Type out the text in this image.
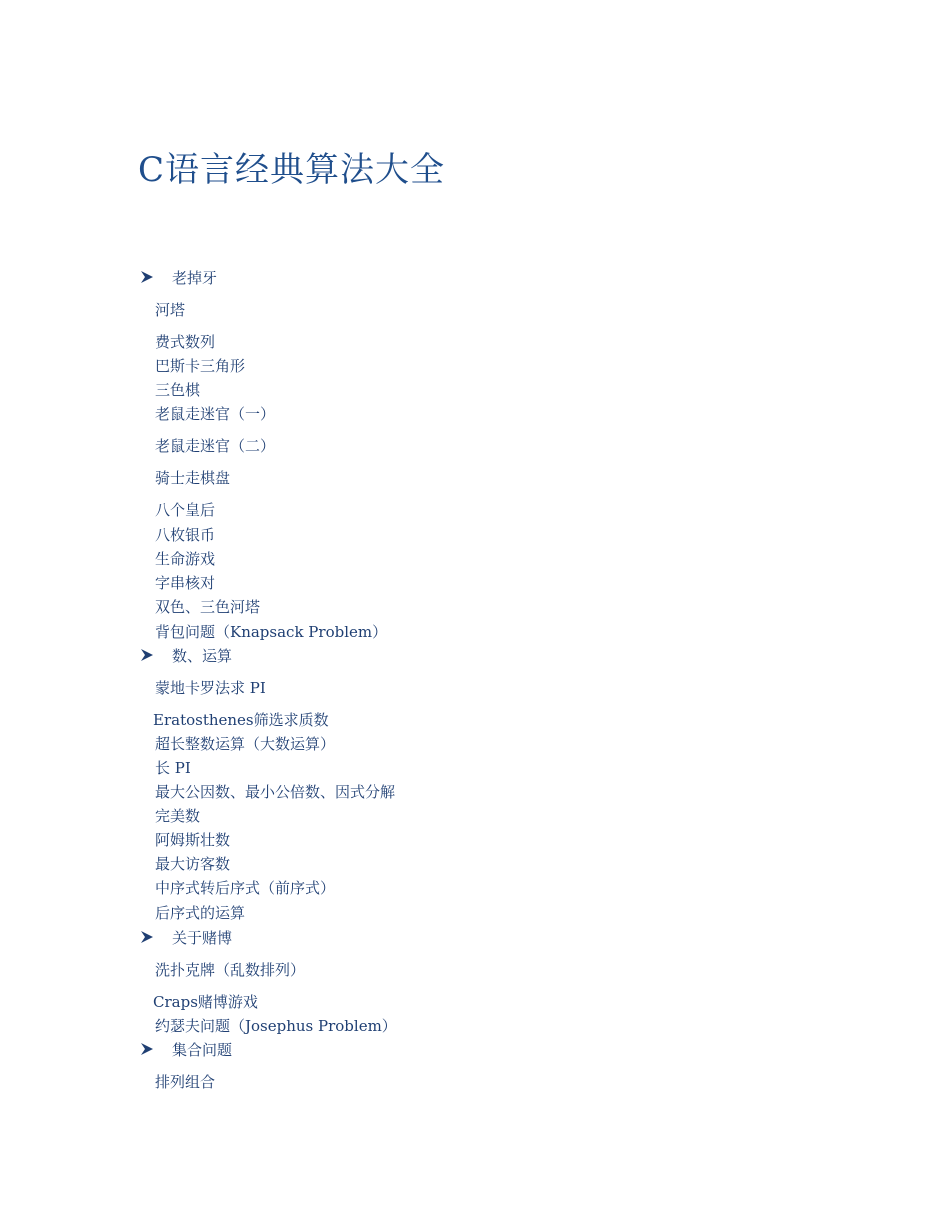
C语言经典算法大全
老掉牙
河塔
费式数列
巴斯卡三角形
三色棋
老鼠走迷官（一）
老鼠走迷官（二）
骑士走棋盘
八个皇后
八枚银币
生命游戏
字串核对
双色、三色河塔
背包问题（Knapsack Problem）
数、运算
蒙地卡罗法求 PI
Eratosthenes筛选求质数
超长整数运算（大数运算）
长 PI
最大公因数、最小公倍数、因式分解
完美数
阿姆斯壮数
最大访客数
中序式转后序式（前序式）
后序式的运算
关于赌博
洗扑克牌（乱数排列）
Craps赌博游戏
约瑟夫问题（Josephus Problem）
集合问题
排列组合
